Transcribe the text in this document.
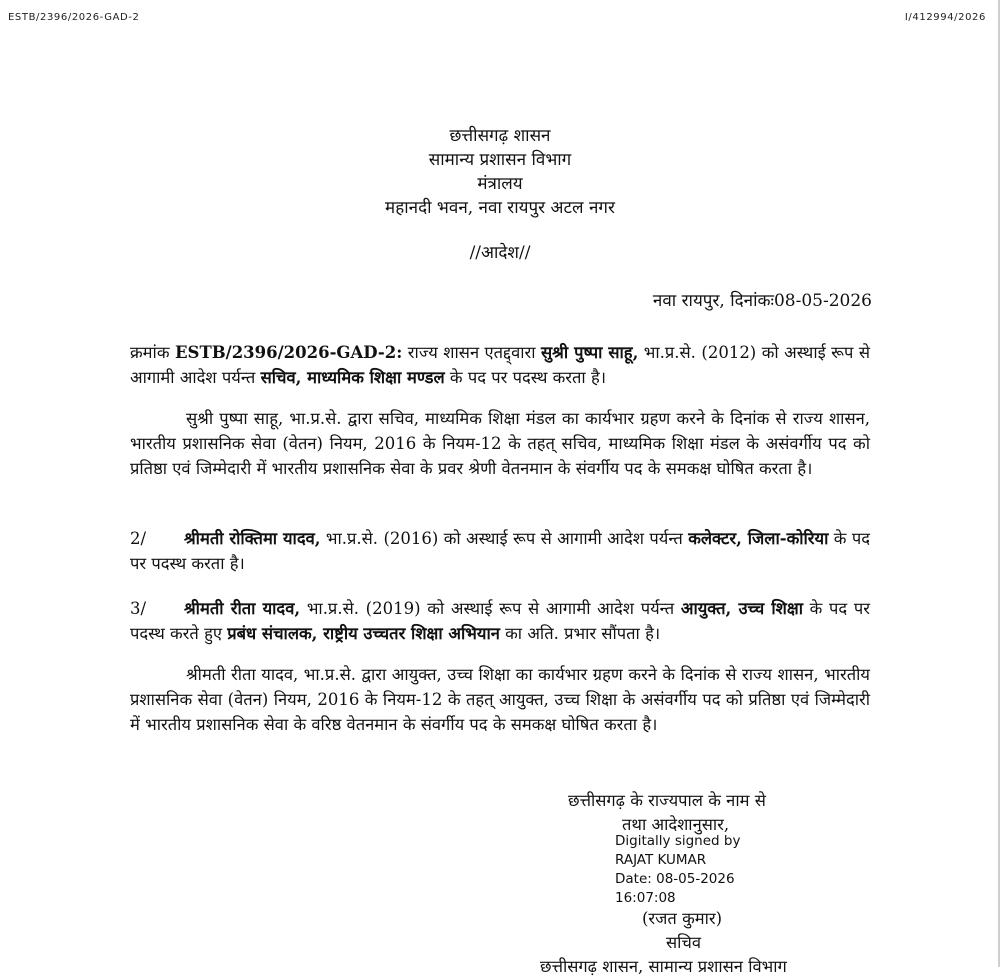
ESTB/2396/2026-GAD-2	I/412994/2026
छत्तीसगढ़ शासन
सामान्य प्रशासन विभाग
मंत्रालय
महानदी भवन, नवा रायपुर अटल नगर
//आदेश//
नवा रायपुर, दिनांकः08-05-2026
क्रमांक ESTB/2396/2026-GAD-2: राज्य शासन एतद्द्वारा सुश्री पुष्पा साहू, भा.प्र.से. (2012) को अस्थाई रूप से आगामी आदेश पर्यन्त सचिव, माध्यमिक शिक्षा मण्डल के पद पर पदस्थ करता है।
सुश्री पुष्पा साहू, भा.प्र.से. द्वारा सचिव, माध्यमिक शिक्षा मंडल का कार्यभार ग्रहण करने के दिनांक से राज्य शासन, भारतीय प्रशासनिक सेवा (वेतन) नियम, 2016 के नियम-12 के तहत् सचिव, माध्यमिक शिक्षा मंडल के असंवर्गीय पद को प्रतिष्ठा एवं जिम्मेदारी में भारतीय प्रशासनिक सेवा के प्रवर श्रेणी वेतनमान के संवर्गीय पद के समकक्ष घोषित करता है।
2/ श्रीमती रोक्तिमा यादव, भा.प्र.से. (2016) को अस्थाई रूप से आगामी आदेश पर्यन्त कलेक्टर, जिला-कोरिया के पद पर पदस्थ करता है।
3/ श्रीमती रीता यादव, भा.प्र.से. (2019) को अस्थाई रूप से आगामी आदेश पर्यन्त आयुक्त, उच्च शिक्षा के पद पर पदस्थ करते हुए प्रबंध संचालक, राष्ट्रीय उच्चतर शिक्षा अभियान का अति. प्रभार सौंपता है।
श्रीमती रीता यादव, भा.प्र.से. द्वारा आयुक्त, उच्च शिक्षा का कार्यभार ग्रहण करने के दिनांक से राज्य शासन, भारतीय प्रशासनिक सेवा (वेतन) नियम, 2016 के नियम-12 के तहत् आयुक्त, उच्च शिक्षा के असंवर्गीय पद को प्रतिष्ठा एवं जिम्मेदारी में भारतीय प्रशासनिक सेवा के वरिष्ठ वेतनमान के संवर्गीय पद के समकक्ष घोषित करता है।
छत्तीसगढ़ के राज्यपाल के नाम से
तथा आदेशानुसार,
Digitally signed by
RAJAT KUMAR
Date: 08-05-2026
16:07:08
(रजत कुमार)
सचिव
छत्तीसगढ़ शासन, सामान्य प्रशासन विभाग
